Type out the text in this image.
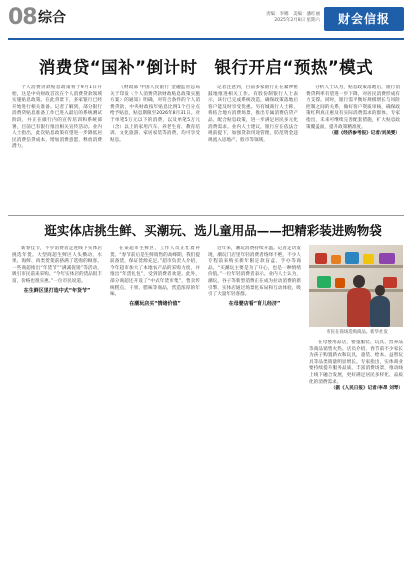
08 综合	责编：李娜　美编：潘红丽
2025年2月8日 星期六	财会信报
消费贷“国补”倒计时　银行开启“预热”模式

个人消费贷款贴息政策将于9月1日开始，这是中央财政首次在个人消费贷款领域实施贴息政策。在此背景下，多家银行已经开始进行相关准备。记者了解到，部分银行消费贷贴息准备工作已进入最后的系统测试阶段，并正在做行内的宣传培训和系统部署，目前已有银行推出相关宣传活动。业内人士指出，此次贴息政策有望进一步降低居民消费信贷成本，增加消费意愿，释放消费潜力。

《财政部 中国人民银行 金融监管总局关于印发〈个人消费贷款财政贴息政策实施方案〉的通知》明确，对符合条件的个人消费贷款，中央财政按年贴息比例1个百分点给予贴息，贴息期限至2026年8月31日。对于单笔5万元以下的消费，以及单笔5万元（含）以上的家用汽车、养老生育、教育培训、文化旅游、家居家装等消费，均可享受贴息。

记者注意到，目前多家银行正在紧锣密鼓地推进相关工作。有股份制银行人士表示，该行已完成系统改造，确保政策落地后客户能及时享受优惠。另有城商行人士称，将结合地方消费场景，推出专属消费信贷产品，配合贴息政策，进一步满足居民多元化消费需求。业内人士建议，银行应在依法合规前提下，加强贷款用途管理，防范资金违规流入房地产、股市等领域。

分析人士认为，贴息政策落地后，银行消费贷利率有望进一步下降，对居民消费形成有力支撑。同时，银行需平衡好规模增长与风险控制之间的关系，做好客户资质审核，确保政策红利真正惠及有实际消费需求的群体。专家指出，未来可继续完善配套措施，扩大贴息政策覆盖面，提升政策精准度。

（据《经济参考报》记者/刘美雯）

逛实体店挑生鲜、买潮玩、选儿童用品——把精彩装进购物袋

新春佳节，不少消费者走进线下实体店挑选年货。大型商超生鲜区人头攒动，水果、海鲜、肉类货架前挤满了选购的顾客。一些商超推出“年货节”“满减促销”等活动，吸引市民前来采购。“今年实体店的货品很丰富，价格也很实惠。”一位市民说道。

在生鲜区里打造中式“年货节”

在某超市生鲜区，工作人员正忙着补货。“春节前后是生鲜销售的高峰期，我们提前备货，保证货源充足。”超市负责人介绍，今年超市加大了本地农产品的采购力度，并推出“年货礼包”，受到消费者欢迎。此外，部分商超还开设了“中式年货市集”，售卖传统糕点、干果、腊味等商品，营造浓厚的年味。

在潮玩店买“情绪价值”

近年来，潮玩消费持续升温。记者走访发现，潮玩门店里年轻消费者络绎不绝，不少人专程前来购买新年限定款盲盒、手办等商品。“买潮玩主要是为了开心，也是一种情绪价值。”一位年轻消费者表示。业内人士认为，潮玩、谷子等新型消费正在成为拉动消费的新引擎，实体店通过场景化布局和互动体验，吸引了大量年轻客群。

在母婴店看“育儿经济”

市民在商场选购商品。新华社发

在母婴用品店，婴童服装、玩具、营养品等商品销售火热。店员介绍，春节前不少家长为孩子购置新衣和玩具，童装、绘本、益智玩具等品类销量明显增长。专家指出，实体商业要持续提升服务品质，丰富消费场景，推动线上线下融合发展，更好满足居民多样化、品质化的消费需求。

（据《人民日报》记者/李昂 刘琴）
